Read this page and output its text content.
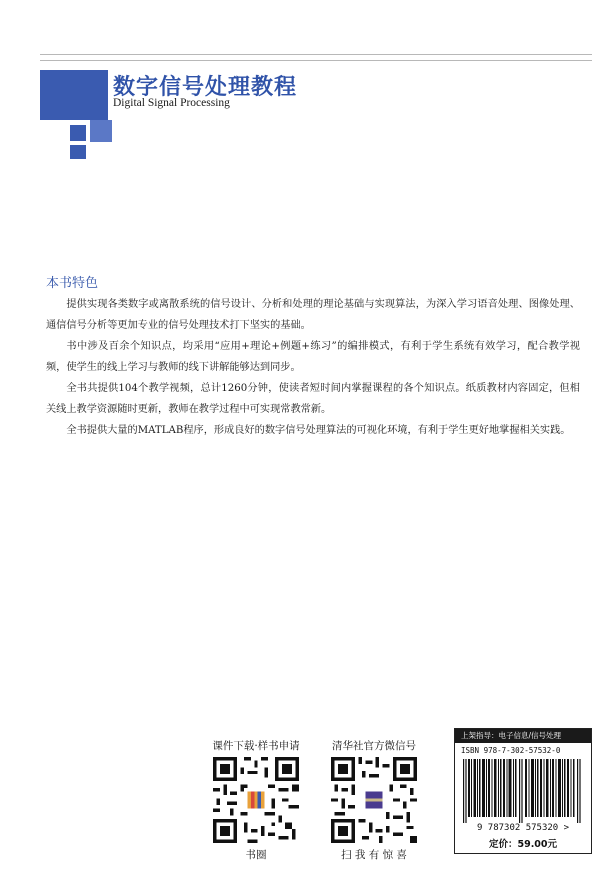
数字信号处理教程
Digital Signal Processing
本书特色

提供实现各类数字或离散系统的信号设计、分析和处理的理论基础与实现算法，为深入学习语音处理、图像处理、通信信号分析等更加专业的信号处理技术打下坚实的基础。

书中涉及百余个知识点，均采用“应用+理论+例题+练习”的编排模式，有利于学生系统有效学习，配合教学视频，使学生的线上学习与教师的线下讲解能够达到同步。

全书共提供104个教学视频，总计1260分钟，使读者短时间内掌握课程的各个知识点。纸质教材内容固定，但相关线上教学资源随时更新，教师在教学过程中可实现常教常新。

全书提供大量的MATLAB程序，形成良好的数字信号处理算法的可视化环境，有利于学生更好地掌握相关实践。

课件下载·样书申请
书圈
清华社官方微信号
扫 我 有 惊 喜
上架指导：电子信息/信号处理
ISBN 978-7-302-57532-0
9 787302 575320 >
定价：59.00元
